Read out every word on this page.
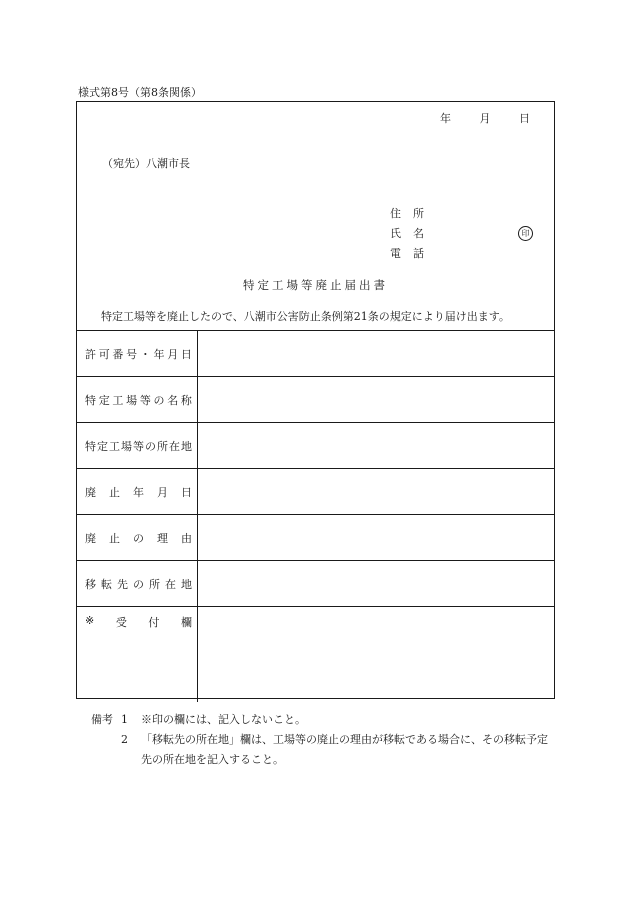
様式第8号（第8条関係）
年	月	日
（宛先）八潮市長
住 所
氏 名
電 話
印
特定工場等廃止届出書
特定工場等を廃止したので、八潮市公害防止条例第21条の規定により届け出ます。
許 可 番 号 ・ 年 月 日
特 定 工 場 等 の 名 称
特 定 工 場 等 の 所 在 地
廃 止 年 月 日
廃 止 の 理 由
移 転 先 の 所 在 地
※ 受 付 欄
備考 1	※印の欄には、記入しないこと。
2	「移転先の所在地」欄は、工場等の廃止の理由が移転である場合に、その移転予定先の所在地を記入すること。
